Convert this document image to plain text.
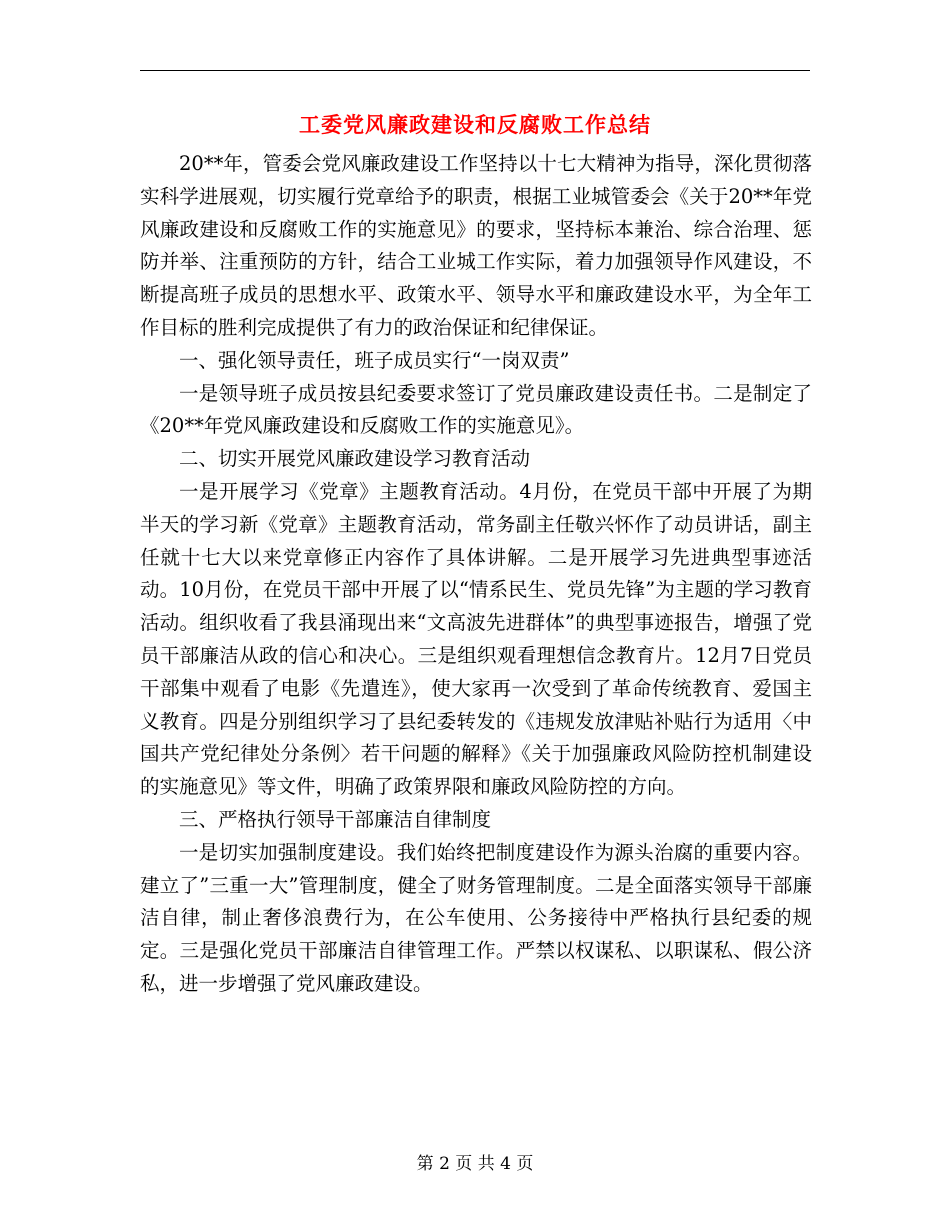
工委党风廉政建设和反腐败工作总结

20**年，管委会党风廉政建设工作坚持以十七大精神为指导，深化贯彻落实科学进展观，切实履行党章给予的职责，根据工业城管委会《关于20**年党风廉政建设和反腐败工作的实施意见》的要求，坚持标本兼治、综合治理、惩防并举、注重预防的方针，结合工业城工作实际，着力加强领导作风建设，不断提高班子成员的思想水平、政策水平、领导水平和廉政建设水平，为全年工作目标的胜利完成提供了有力的政治保证和纪律保证。

一、强化领导责任，班子成员实行“一岗双责”

一是领导班子成员按县纪委要求签订了党员廉政建设责任书。二是制定了《20**年党风廉政建设和反腐败工作的实施意见》。

二、切实开展党风廉政建设学习教育活动

一是开展学习《党章》主题教育活动。4月份，在党员干部中开展了为期半天的学习新《党章》主题教育活动，常务副主任敬兴怀作了动员讲话，副主任就十七大以来党章修正内容作了具体讲解。二是开展学习先进典型事迹活动。10月份，在党员干部中开展了以“情系民生、党员先锋”为主题的学习教育活动。组织收看了我县涌现出来“文高波先进群体”的典型事迹报告，增强了党员干部廉洁从政的信心和决心。三是组织观看理想信念教育片。12月7日党员干部集中观看了电影《先遣连》，使大家再一次受到了革命传统教育、爱国主义教育。四是分别组织学习了县纪委转发的《违规发放津贴补贴行为适用〈中国共产党纪律处分条例〉若干问题的解释》《关于加强廉政风险防控机制建设的实施意见》等文件，明确了政策界限和廉政风险防控的方向。

三、严格执行领导干部廉洁自律制度

一是切实加强制度建设。我们始终把制度建设作为源头治腐的重要内容。建立了”三重一大”管理制度，健全了财务管理制度。二是全面落实领导干部廉洁自律，制止奢侈浪费行为，在公车使用、公务接待中严格执行县纪委的规定。三是强化党员干部廉洁自律管理工作。严禁以权谋私、以职谋私、假公济私，进一步增强了党风廉政建设。

第 2 页 共 4 页
